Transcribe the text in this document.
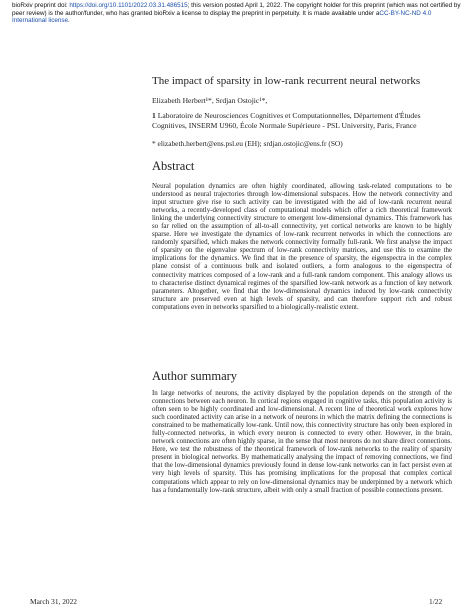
bioRxiv preprint doi: https://doi.org/10.1101/2022.03.31.486515; this version posted April 1, 2022. The copyright holder for this preprint (which was not certified by peer review) is the author/funder, who has granted bioRxiv a license to display the preprint in perpetuity. It is made available under aCC-BY-NC-ND 4.0 International license.
The impact of sparsity in low-rank recurrent neural networks
Elizabeth Herbert¹*, Srdjan Ostojic¹*,
1 Laboratoire de Neurosciences Cognitives et Computationnelles, Département d'Études Cognitives, INSERM U960, École Normale Supérieure - PSL University, Paris, France
* elizabeth.herbert@ens.psl.eu (EH); srdjan.ostojic@ens.fr (SO)
Abstract
Neural population dynamics are often highly coordinated, allowing task-related computations to be understood as neural trajectories through low-dimensional subspaces. How the network connectivity and input structure give rise to such activity can be investigated with the aid of low-rank recurrent neural networks, a recently-developed class of computational models which offer a rich theoretical framework linking the underlying connectivity structure to emergent low-dimensional dynamics. This framework has so far relied on the assumption of all-to-all connectivity, yet cortical networks are known to be highly sparse. Here we investigate the dynamics of low-rank recurrent networks in which the connections are randomly sparsified, which makes the network connectivity formally full-rank. We first analyse the impact of sparsity on the eigenvalue spectrum of low-rank connectivity matrices, and use this to examine the implications for the dynamics. We find that in the presence of sparsity, the eigenspectra in the complex plane consist of a continuous bulk and isolated outliers, a form analogous to the eigenspectra of connectivity matrices composed of a low-rank and a full-rank random component. This analogy allows us to characterise distinct dynamical regimes of the sparsified low-rank network as a function of key network parameters. Altogether, we find that the low-dimensional dynamics induced by low-rank connectivity structure are preserved even at high levels of sparsity, and can therefore support rich and robust computations even in networks sparsified to a biologically-realistic extent.
Author summary
In large networks of neurons, the activity displayed by the population depends on the strength of the connections between each neuron. In cortical regions engaged in cognitive tasks, this population activity is often seen to be highly coordinated and low-dimensional. A recent line of theoretical work explores how such coordinated activity can arise in a network of neurons in which the matrix defining the connections is constrained to be mathematically low-rank. Until now, this connectivity structure has only been explored in fully-connected networks, in which every neuron is connected to every other. However, in the brain, network connections are often highly sparse, in the sense that most neurons do not share direct connections. Here, we test the robustness of the theoretical framework of low-rank networks to the reality of sparsity present in biological networks. By mathematically analysing the impact of removing connections, we find that the low-dimensional dynamics previously found in dense low-rank networks can in fact persist even at very high levels of sparsity. This has promising implications for the proposal that complex cortical computations which appear to rely on low-dimensional dynamics may be underpinned by a network which has a fundamentally low-rank structure, albeit with only a small fraction of possible connections present.
March 31, 2022	1/22
